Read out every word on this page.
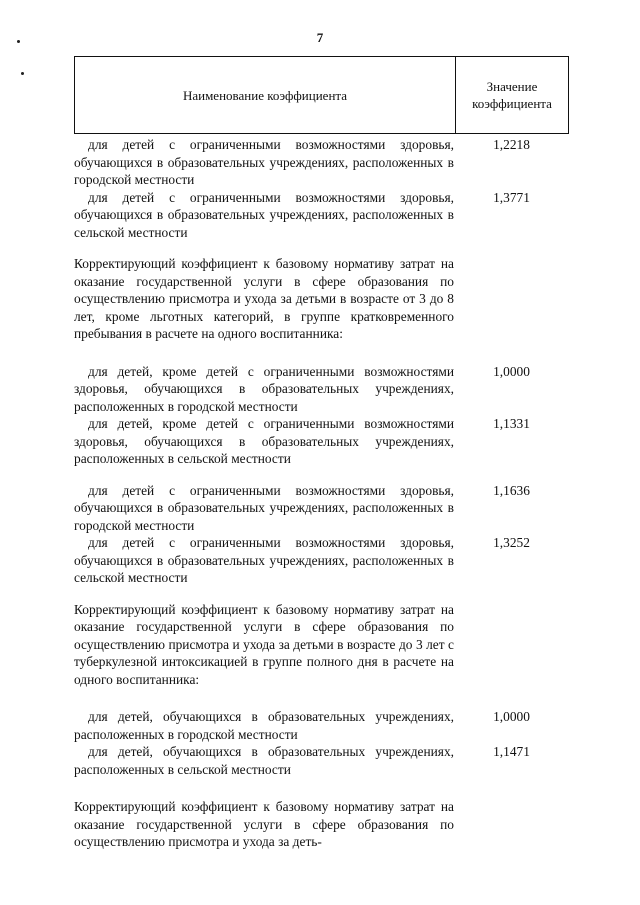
7
Наименование коэффициента
Значение
коэффициента
для детей с ограниченными возможностями здоровья, обучающихся в образовательных учреждениях, расположенных в городской местности
1,2218
для детей с ограниченными возможностями здоровья, обучающихся в образовательных учреждениях, расположенных в сельской местности
1,3771
Корректирующий коэффициент к базовому нормативу затрат на оказание государственной услуги в сфере образования по осуществлению присмотра и ухода за детьми в возрасте от 3 до 8 лет, кроме льготных категорий, в группе кратковременного пребывания в расчете на одного воспитанника:
для детей, кроме детей с ограниченными возможностями здоровья, обучающихся в образовательных учреждениях, расположенных в городской местности
1,0000
для детей, кроме детей с ограниченными возможностями здоровья, обучающихся в образовательных учреждениях, расположенных в сельской местности
1,1331
для детей с ограниченными возможностями здоровья, обучающихся в образовательных учреждениях, расположенных в городской местности
1,1636
для детей с ограниченными возможностями здоровья, обучающихся в образовательных учреждениях, расположенных в сельской местности
1,3252
Корректирующий коэффициент к базовому нормативу затрат на оказание государственной услуги в сфере образования по осуществлению присмотра и ухода за детьми в возрасте до 3 лет с туберкулезной интоксикацией в группе полного дня в расчете на одного воспитанника:
для детей, обучающихся в образовательных учреждениях, расположенных в городской местности
1,0000
для детей, обучающихся в образовательных учреждениях, расположенных в сельской местности
1,1471
Корректирующий коэффициент к базовому нормативу затрат на оказание государственной услуги в сфере образования по осуществлению присмотра и ухода за деть-
